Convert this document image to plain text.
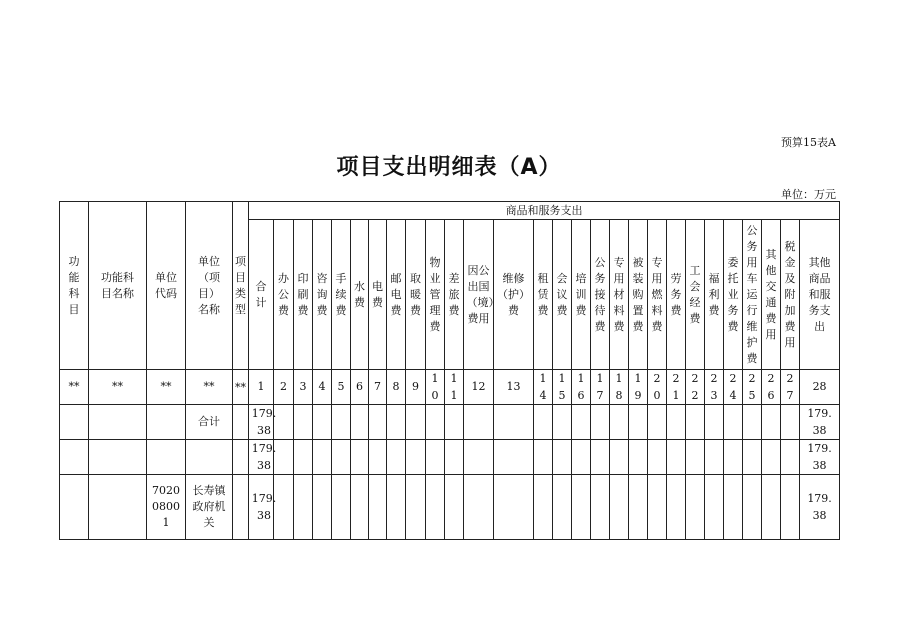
预算15表A
项目支出明细表（A）
单位：万元
功能科目	功能科目名称	单位代码	单位（项目）名称	项目类型	商品和服务支出																											

					合计	办公费	印刷费	咨询费	手续费	水费	电费	邮电费	取暖费	物业管理费	差旅费	因公出国（境）费用	维修（护）费	租赁费	会议费	培训费	公务接待费	专用材料费	被装购置费	专用燃料费	劳务费	工会经费	福利费	委托业务费	公务用车运行维护费	其他交通费用	税金及附加费用	其他商品和服务支出

**	**	**	**	**	1	2	3	4	5	6	7	8	9	10	11	12	13	14	15	16	17	18	19	20	21	22	23	24	25	26	27	28
			合计		179.38																											179.38

					179.38																											179.38

		702008001	长寿镇政府机关		179.38																											179.38
